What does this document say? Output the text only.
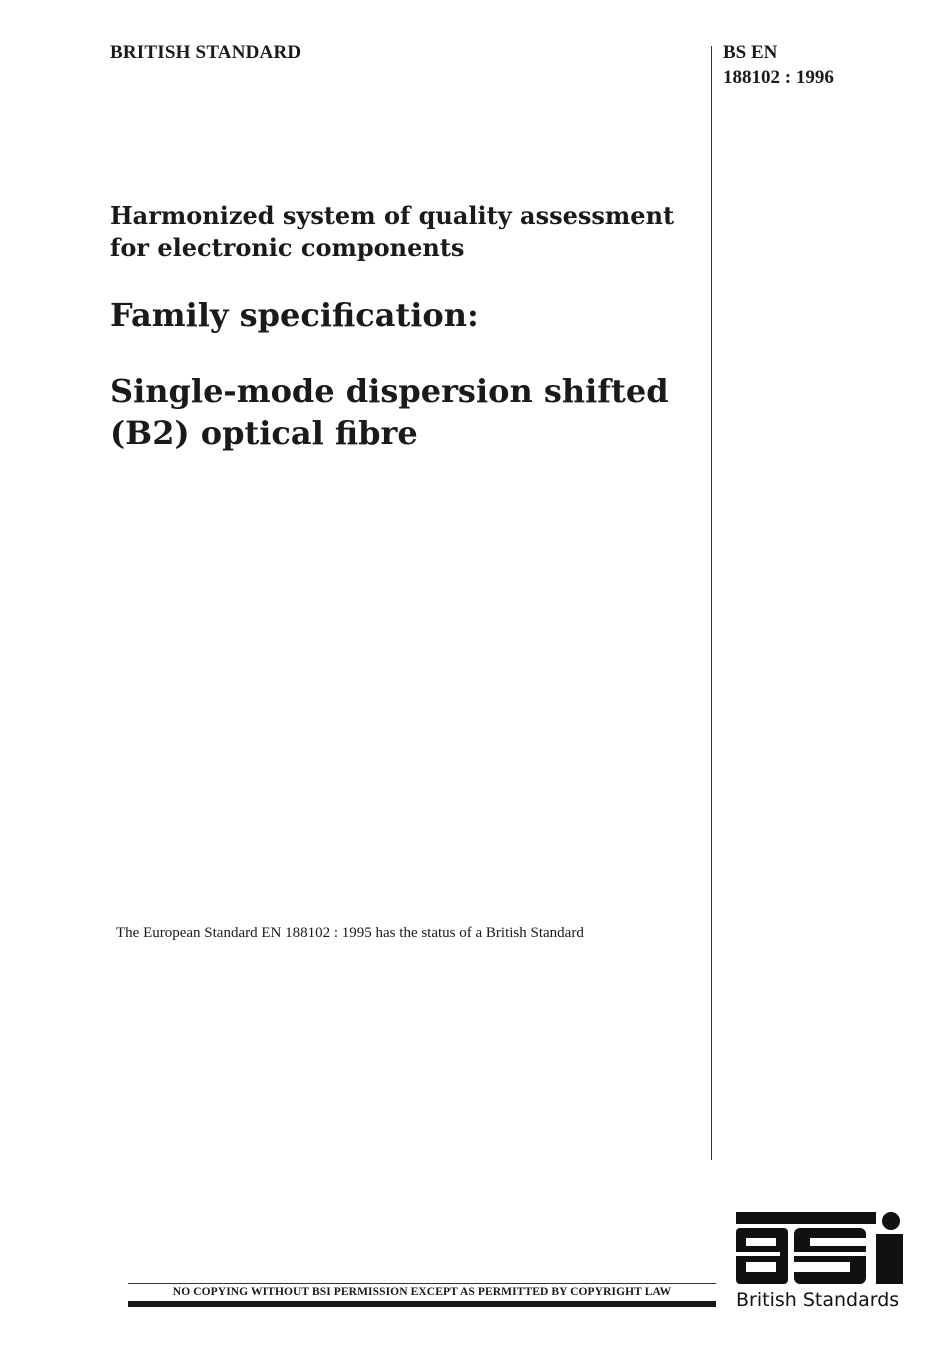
BRITISH STANDARD	BS EN
188102 : 1996
Harmonized system of quality assessment for electronic components
Family specification:
Single-mode dispersion shifted (B2) optical fibre
The European Standard EN 188102 : 1995 has the status of a British Standard
NO COPYING WITHOUT BSI PERMISSION EXCEPT AS PERMITTED BY COPYRIGHT LAW	British Standards
